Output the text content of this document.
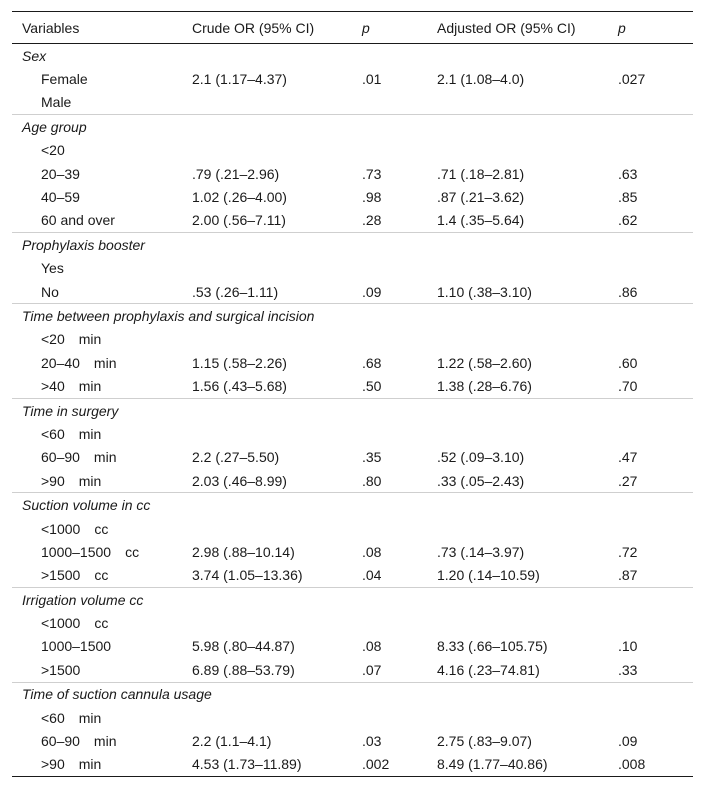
Variables	Crude OR (95% CI)	p	Adjusted OR (95% CI)	p
Sex				
Female	2.1 (1.17–4.37)	.01	2.1 (1.08–4.0)	.027
Male				
Age group				
<20				
20–39	.79 (.21–2.96)	.73	.71 (.18–2.81)	.63
40–59	1.02 (.26–4.00)	.98	.87 (.21–3.62)	.85
60 and over	2.00 (.56–7.11)	.28	1.4 (.35–5.64)	.62
Prophylaxis booster				
Yes				
No	.53 (.26–1.11)	.09	1.10 (.38–3.10)	.86
Time between prophylaxis and surgical incision				
<20 min				
20–40 min	1.15 (.58–2.26)	.68	1.22 (.58–2.60)	.60
>40 min	1.56 (.43–5.68)	.50	1.38 (.28–6.76)	.70
Time in surgery				
<60 min				
60–90 min	2.2 (.27–5.50)	.35	.52 (.09–3.10)	.47
>90 min	2.03 (.46–8.99)	.80	.33 (.05–2.43)	.27
Suction volume in cc				
<1000 cc				
1000–1500 cc	2.98 (.88–10.14)	.08	.73 (.14–3.97)	.72
>1500 cc	3.74 (1.05–13.36)	.04	1.20 (.14–10.59)	.87
Irrigation volume cc				
<1000 cc				
1000–1500	5.98 (.80–44.87)	.08	8.33 (.66–105.75)	.10
>1500	6.89 (.88–53.79)	.07	4.16 (.23–74.81)	.33
Time of suction cannula usage				
<60 min				
60–90 min	2.2 (1.1–4.1)	.03	2.75 (.83–9.07)	.09
>90 min	4.53 (1.73–11.89)	.002	8.49 (1.77–40.86)	.008
